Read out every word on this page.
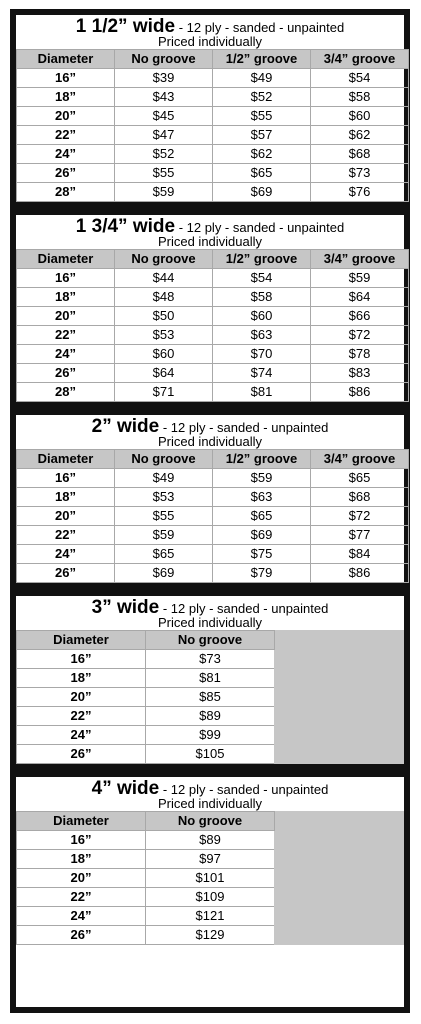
1 1/2” wide - 12 ply - sanded - unpainted
Priced individually
Diameter	No groove	1/2” groove	3/4” groove
16”	$39	$49	$54
18”	$43	$52	$58
20”	$45	$55	$60
22”	$47	$57	$62
24”	$52	$62	$68
26”	$55	$65	$73
28”	$59	$69	$76
1 3/4” wide - 12 ply - sanded - unpainted
Priced individually
Diameter	No groove	1/2” groove	3/4” groove
16”	$44	$54	$59
18”	$48	$58	$64
20”	$50	$60	$66
22”	$53	$63	$72
24”	$60	$70	$78
26”	$64	$74	$83
28”	$71	$81	$86
2” wide - 12 ply - sanded - unpainted
Priced individually
Diameter	No groove	1/2” groove	3/4” groove
16”	$49	$59	$65
18”	$53	$63	$68
20”	$55	$65	$72
22”	$59	$69	$77
24”	$65	$75	$84
26”	$69	$79	$86
3” wide - 12 ply - sanded - unpainted
Priced individually
Diameter	No groove	
16”	$73	
18”	$81	
20”	$85	
22”	$89	
24”	$99	
26”	$105	
4” wide - 12 ply - sanded - unpainted
Priced individually
Diameter	No groove	
16”	$89	
18”	$97	
20”	$101	
22”	$109	
24”	$121	
26”	$129	
